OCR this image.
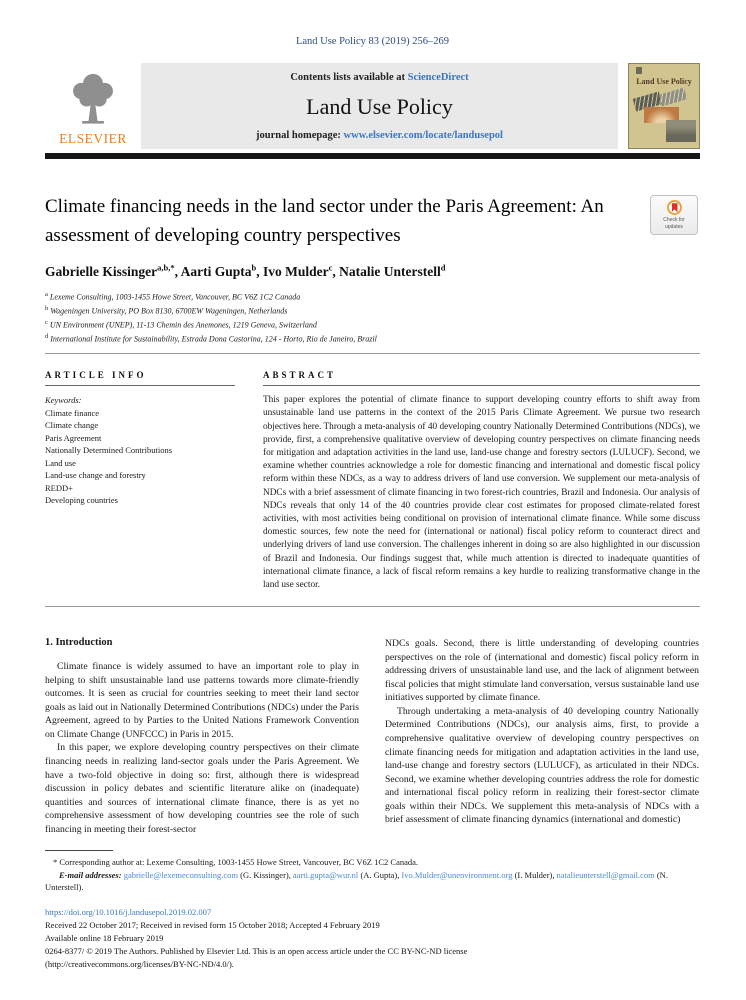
Land Use Policy 83 (2019) 256–269
ELSEVIER
Contents lists available at ScienceDirect
Land Use Policy
journal homepage: www.elsevier.com/locate/landusepol
Land Use Policy
Climate financing needs in the land sector under the Paris Agreement: An assessment of developing country perspectives
Check for
updates
Gabrielle Kissinger$^{a,b,*}$ , Aarti Gupta$^b$ , Ivo Mulder$^c$ , Natalie Unterstell$^d$
$^a$ Lexeme Consulting, 1003-1455 Howe Street, Vancouver, BC V6Z 1C2 Canada
$^b$ Wageningen University, PO Box 8130, 6700EW Wageningen, Netherlands
$^c$ UN Environment (UNEP), 11-13 Chemin des Anemones, 1219 Geneva, Switzerland
$^d$ International Institute for Sustainability, Estrada Dona Castorina, 124 - Horto, Rio de Janeiro, Brazil
ARTICLE INFO
Keywords:
Climate finance
Climate change
Paris Agreement
Nationally Determined Contributions
Land use
Land-use change and forestry
REDD+
Developing countries
ABSTRACT

This paper explores the potential of climate finance to support developing country efforts to shift away from unsustainable land use patterns in the context of the 2015 Paris Climate Agreement. We pursue two research objectives here. Through a meta-analysis of 40 developing country Nationally Determined Contributions (NDCs), we provide, first, a comprehensive qualitative overview of developing country perspectives on climate financing needs for mitigation and adaptation activities in the land use, land-use change and forestry sectors (LULUCF). Second, we examine whether countries acknowledge a role for domestic financing and international and domestic fiscal policy reform within these NDCs, as a way to address drivers of land use conversion. We supplement our meta-analysis of NDCs with a brief assessment of climate financing in two forest-rich countries, Brazil and Indonesia. Our analysis of NDCs reveals that only 14 of the 40 countries provide clear cost estimates for proposed climate-related forest activities, with most activities being conditional on provision of international climate finance. While some discuss domestic sources, few note the need for (international or national) fiscal policy reform to counteract direct and underlying drivers of land use conversion. The challenges inherent in doing so are also highlighted in our discussion of Brazil and Indonesia. Our findings suggest that, while much attention is directed to inadequate quantities of international climate finance, a lack of fiscal reform remains a key hurdle to realizing transformative change in the land use sector.

1. Introduction

Climate finance is widely assumed to have an important role to play in helping to shift unsustainable land use patterns towards more climate-friendly outcomes. It is seen as crucial for countries seeking to meet their land sector goals as laid out in Nationally Determined Contributions (NDCs) under the Paris Agreement, agreed to by Parties to the United Nations Framework Convention on Climate Change (UNFCCC) in Paris in 2015.

In this paper, we explore developing country perspectives on their climate financing needs in realizing land-sector goals under the Paris Agreement. We have a two-fold objective in doing so: first, although there is widespread discussion in policy debates and scientific literature alike on (inadequate) quantities and sources of international climate finance, there is as yet no comprehensive assessment of how developing countries see the role of such financing in meeting their forest-sector

NDCs goals. Second, there is little understanding of developing countries perspectives on the role of (international and domestic) fiscal policy reform in addressing drivers of unsustainable land use, and the lack of alignment between fiscal policies that might stimulate land conversation, versus sustainable land use initiatives supported by climate finance.

Through undertaking a meta-analysis of 40 developing country Nationally Determined Contributions (NDCs), our analysis aims, first, to provide a comprehensive qualitative overview of developing country perspectives on climate financing needs for mitigation and adaptation activities in the land use, land-use change and forestry sectors (LULUCF), as articulated in their NDCs. Second, we examine whether developing countries address the role for domestic and international fiscal policy reform in realizing their forest-sector climate goals within their NDCs. We supplement this meta-analysis of NDCs with a brief assessment of climate financing dynamics (international and domestic)

* Corresponding author at: Lexeme Consulting, 1003-1455 Howe Street, Vancouver, BC V6Z 1C2 Canada.
E-mail addresses: gabrielle@lexemeconsulting.com (G. Kissinger), aarti.gupta@wur.nl (A. Gupta), Ivo.Mulder@unenvironment.org (I. Mulder), natalieunterstell@gmail.com (N. Unterstell).
https://doi.org/10.1016/j.landusepol.2019.02.007
Received 22 October 2017; Received in revised form 15 October 2018; Accepted 4 February 2019
Available online 18 February 2019
0264-8377/ © 2019 The Authors. Published by Elsevier Ltd. This is an open access article under the CC BY-NC-ND license
(http://creativecommons.org/licenses/BY-NC-ND/4.0/).
